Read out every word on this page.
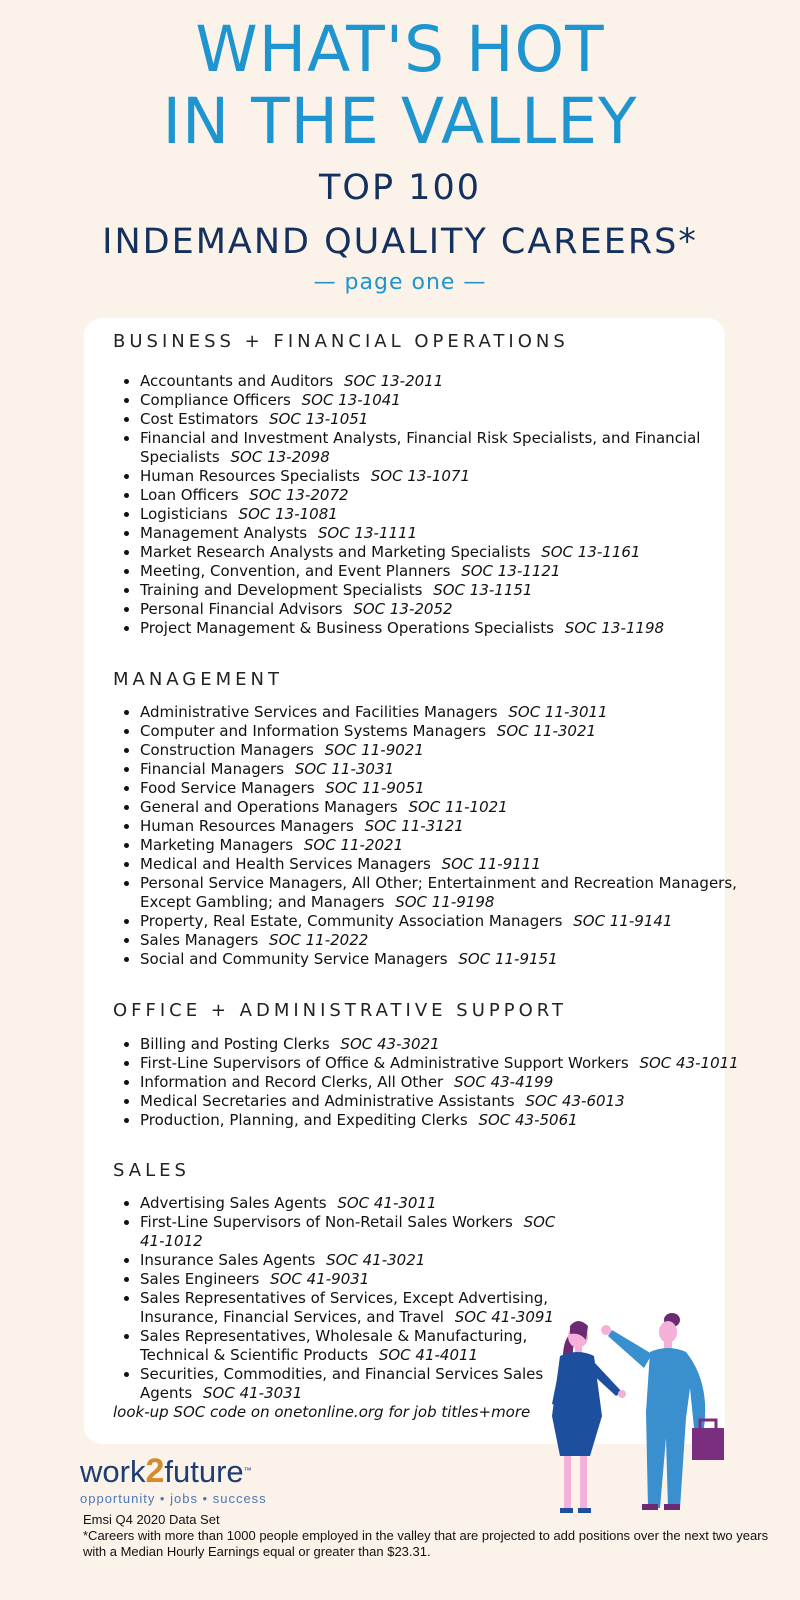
WHAT'S HOT
IN THE VALLEY
TOP 100
INDEMAND QUALITY CAREERS*
— page one —
BUSINESS + FINANCIAL OPERATIONS
• Accountants and Auditors SOC 13-2011
• Compliance Officers SOC 13-1041
• Cost Estimators SOC 13-1051
• Financial and Investment Analysts, Financial Risk Specialists, and Financial Specialists SOC 13-2098
• Human Resources Specialists SOC 13-1071
• Loan Officers SOC 13-2072
• Logisticians SOC 13-1081
• Management Analysts SOC 13-1111
• Market Research Analysts and Marketing Specialists SOC 13-1161
• Meeting, Convention, and Event Planners SOC 13-1121
• Training and Development Specialists SOC 13-1151
• Personal Financial Advisors SOC 13-2052
• Project Management & Business Operations Specialists SOC 13-1198
MANAGEMENT
• Administrative Services and Facilities Managers SOC 11-3011
• Computer and Information Systems Managers SOC 11-3021
• Construction Managers SOC 11-9021
• Financial Managers SOC 11-3031
• Food Service Managers SOC 11-9051
• General and Operations Managers SOC 11-1021
• Human Resources Managers SOC 11-3121
• Marketing Managers SOC 11-2021
• Medical and Health Services Managers SOC 11-9111
• Personal Service Managers, All Other; Entertainment and Recreation Managers, Except Gambling; and Managers SOC 11-9198
• Property, Real Estate, Community Association Managers SOC 11-9141
• Sales Managers SOC 11-2022
• Social and Community Service Managers SOC 11-9151
OFFICE + ADMINISTRATIVE SUPPORT
• Billing and Posting Clerks SOC 43-3021
• First-Line Supervisors of Office & Administrative Support Workers SOC 43-1011
• Information and Record Clerks, All Other SOC 43-4199
• Medical Secretaries and Administrative Assistants SOC 43-6013
• Production, Planning, and Expediting Clerks SOC 43-5061
SALES
• Advertising Sales Agents SOC 41-3011
• First-Line Supervisors of Non-Retail Sales Workers SOC 41-1012
• Insurance Sales Agents SOC 41-3021
• Sales Engineers SOC 41-9031
• Sales Representatives of Services, Except Advertising, Insurance, Financial Services, and Travel SOC 41-3091
• Sales Representatives, Wholesale & Manufacturing, Technical & Scientific Products SOC 41-4011
• Securities, Commodities, and Financial Services Sales Agents SOC 41-3031
look-up SOC code on onetonline.org for job titles+more
work2future™
opportunity • jobs • success
Emsi Q4 2020 Data Set
*Careers with more than 1000 people employed in the valley that are projected to add positions over the next two years with a Median Hourly Earnings equal or greater than $23.31.
